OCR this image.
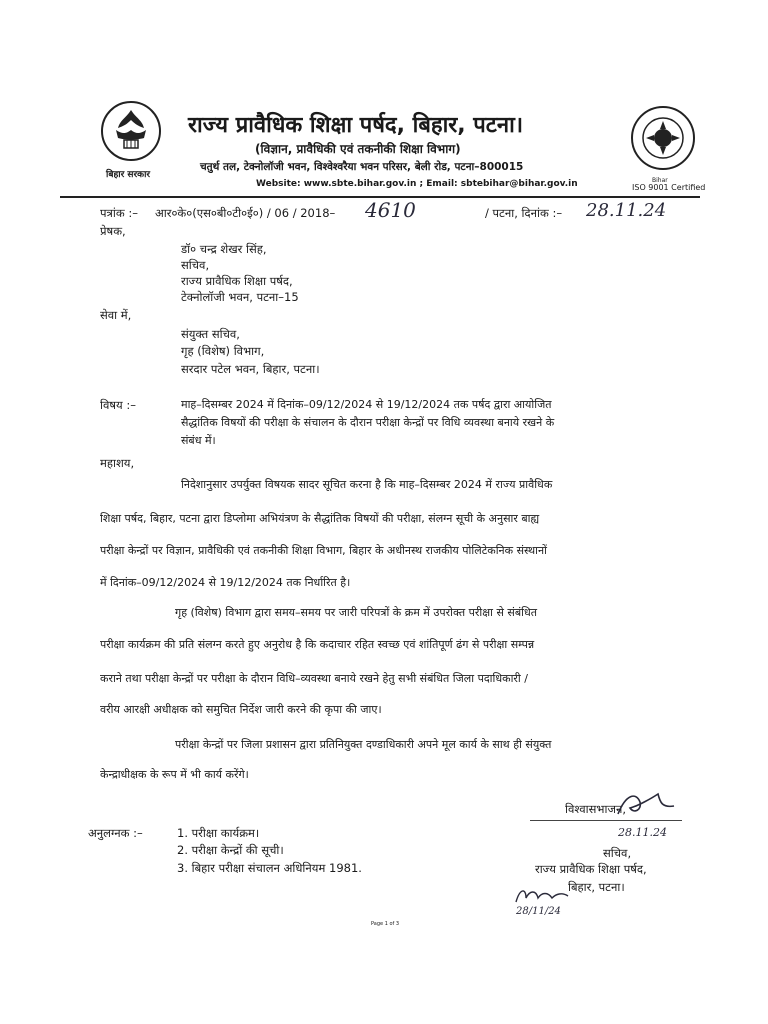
बिहार सरकार
राज्य प्रावैधिक शिक्षा पर्षद, बिहार, पटना।
(विज्ञान, प्रावैधिकी एवं तकनीकी शिक्षा विभाग)
चतुर्थ तल, टेक्नोलॉजी भवन, विश्वेश्वरैया भवन परिसर, बेली रोड, पटना–800015
Website: www.sbte.bihar.gov.in ; Email: sbtebihar@bihar.gov.in	Bihar
ISO 9001 Certified
पत्रांक :– आर०के०(एस०बी०टी०ई०) / 06 / 2018– 4610	/ पटना, दिनांक :– 28.11.24
प्रेषक,
डॉ० चन्द्र शेखर सिंह,
सचिव,
राज्य प्रावैधिक शिक्षा पर्षद,
टेक्नोलॉजी भवन, पटना–15
सेवा में,
संयुक्त सचिव,
गृह (विशेष) विभाग,
सरदार पटेल भवन, बिहार, पटना।
विषय :–	माह–दिसम्बर 2024 में दिनांक–09/12/2024 से 19/12/2024 तक पर्षद द्वारा आयोजित
सैद्धांतिक विषयों की परीक्षा के संचालन के दौरान परीक्षा केन्द्रों पर विधि व्यवस्था बनाये रखने के
संबंध में।
महाशय,
निदेशानुसार उपर्युक्त विषयक सादर सूचित करना है कि माह–दिसम्बर 2024 में राज्य प्रावैधिक
शिक्षा पर्षद, बिहार, पटना द्वारा डिप्लोमा अभियंत्रण के सैद्धांतिक विषयों की परीक्षा, संलग्न सूची के अनुसार बाह्य
परीक्षा केन्द्रों पर विज्ञान, प्रावैधिकी एवं तकनीकी शिक्षा विभाग, बिहार के अधीनस्थ राजकीय पोलिटेकनिक संस्थानों
में दिनांक–09/12/2024 से 19/12/2024 तक निर्धारित है।
गृह (विशेष) विभाग द्वारा समय–समय पर जारी परिपत्रों के क्रम में उपरोक्त परीक्षा से संबंधित
परीक्षा कार्यक्रम की प्रति संलग्न करते हुए अनुरोध है कि कदाचार रहित स्वच्छ एवं शांतिपूर्ण ढंग से परीक्षा सम्पन्न
कराने तथा परीक्षा केन्द्रों पर परीक्षा के दौरान विधि–व्यवस्था बनाये रखने हेतु सभी संबंधित जिला पदाधिकारी /
वरीय आरक्षी अधीक्षक को समुचित निर्देश जारी करने की कृपा की जाए।
परीक्षा केन्द्रों पर जिला प्रशासन द्वारा प्रतिनियुक्त दण्डाधिकारी अपने मूल कार्य के साथ ही संयुक्त
केन्द्राधीक्षक के रूप में भी कार्य करेंगे।
विश्वासभाजन,
28.11.24
सचिव,
राज्य प्रावैधिक शिक्षा पर्षद,
बिहार, पटना।
अनुलग्नक :–	1. परीक्षा कार्यक्रम।
2. परीक्षा केन्द्रों की सूची।
3. बिहार परीक्षा संचालन अधिनियम 1981.
28/11/24
Page 1 of 3
